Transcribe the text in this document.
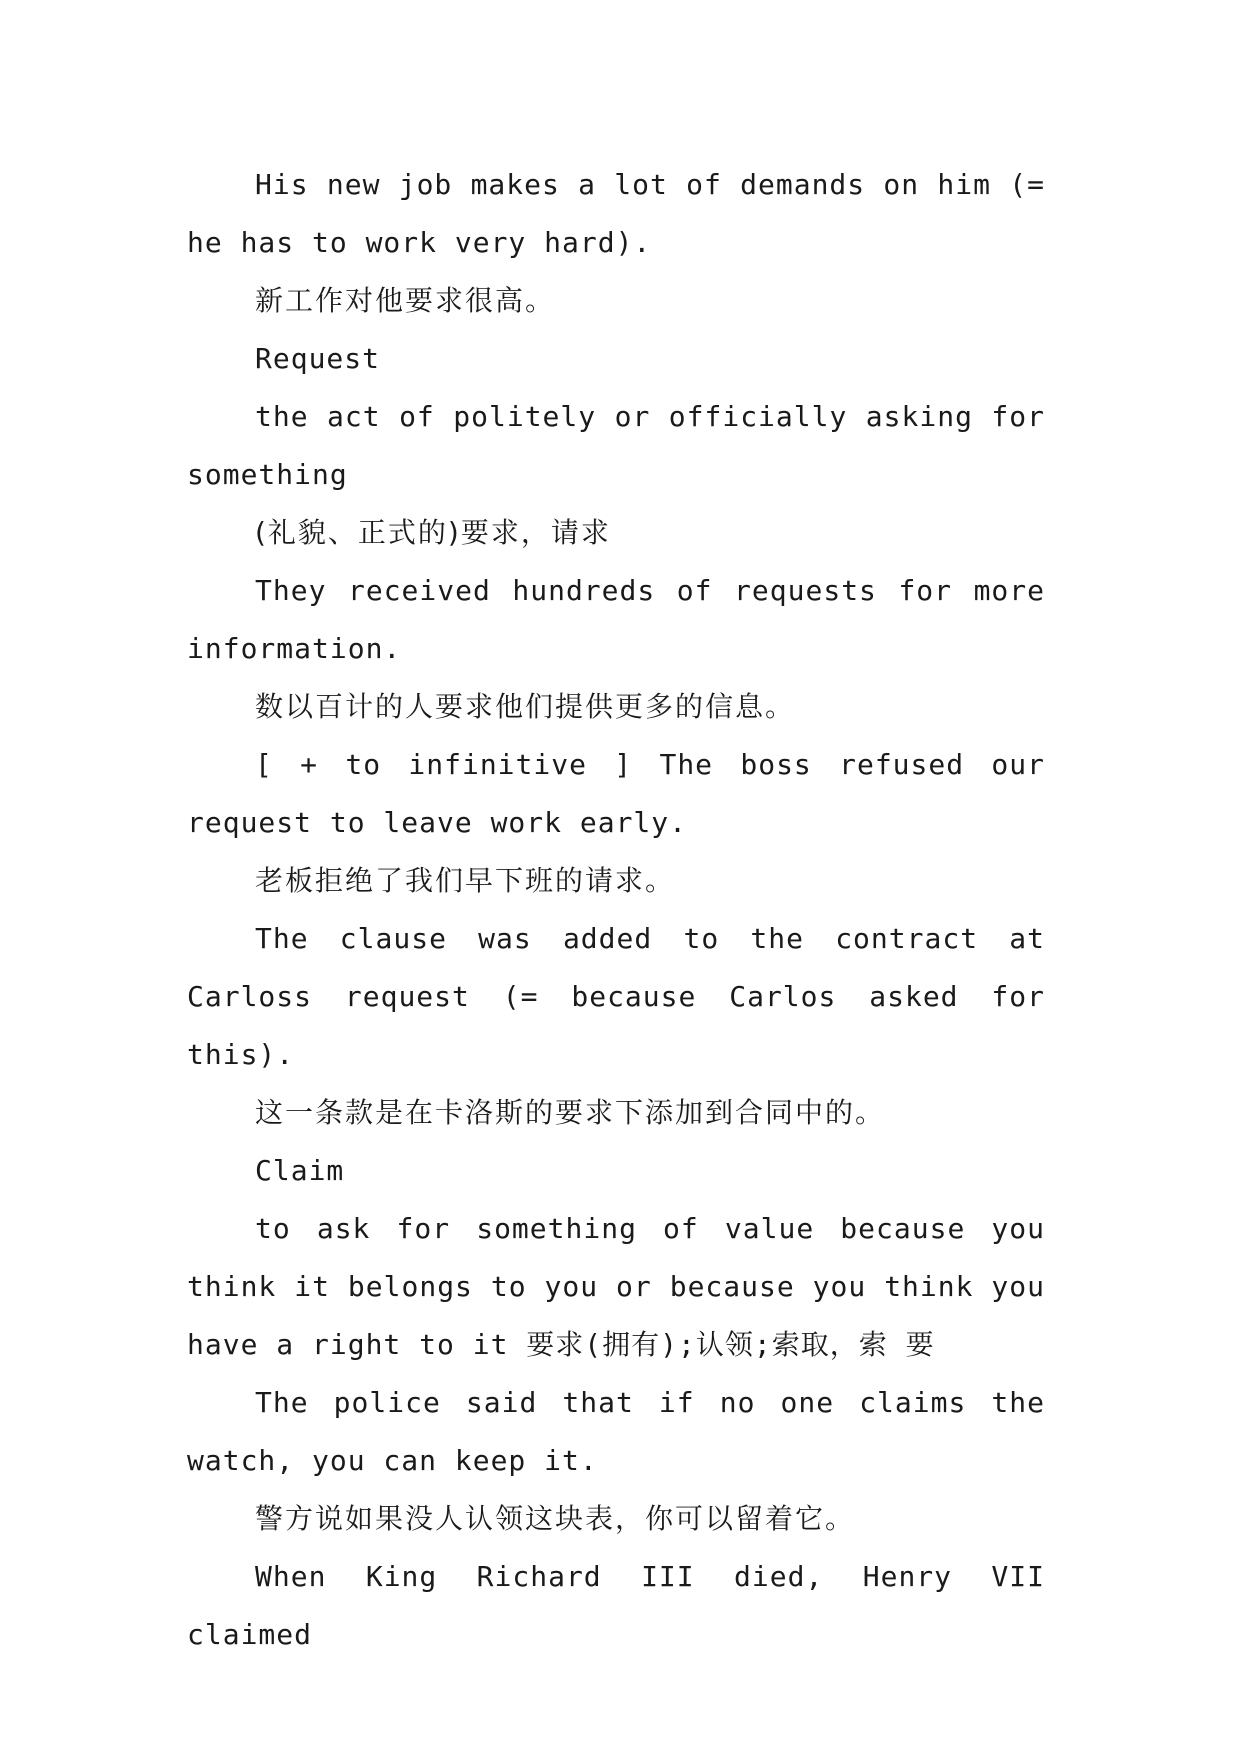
His new job makes a lot of demands on him (= he has to work very hard).

新工作对他要求很高。

Request

the act of politely or officially asking for something

(礼貌、正式的)要求，请求

They received hundreds of requests for more information.

数以百计的人要求他们提供更多的信息。

[ + to infinitive ] The boss refused our request to leave work early.

老板拒绝了我们早下班的请求。

The clause was added to the contract at Carloss request (= because Carlos asked for this).

这一条款是在卡洛斯的要求下添加到合同中的。

Claim

to ask for something of value because you think it belongs to you or because you think you have a right to it 要求(拥有);认领;索取，索 要

The police said that if no one claims the watch, you can keep it.

警方说如果没人认领这块表，你可以留着它。

When King Richard III died, Henry VII claimed
